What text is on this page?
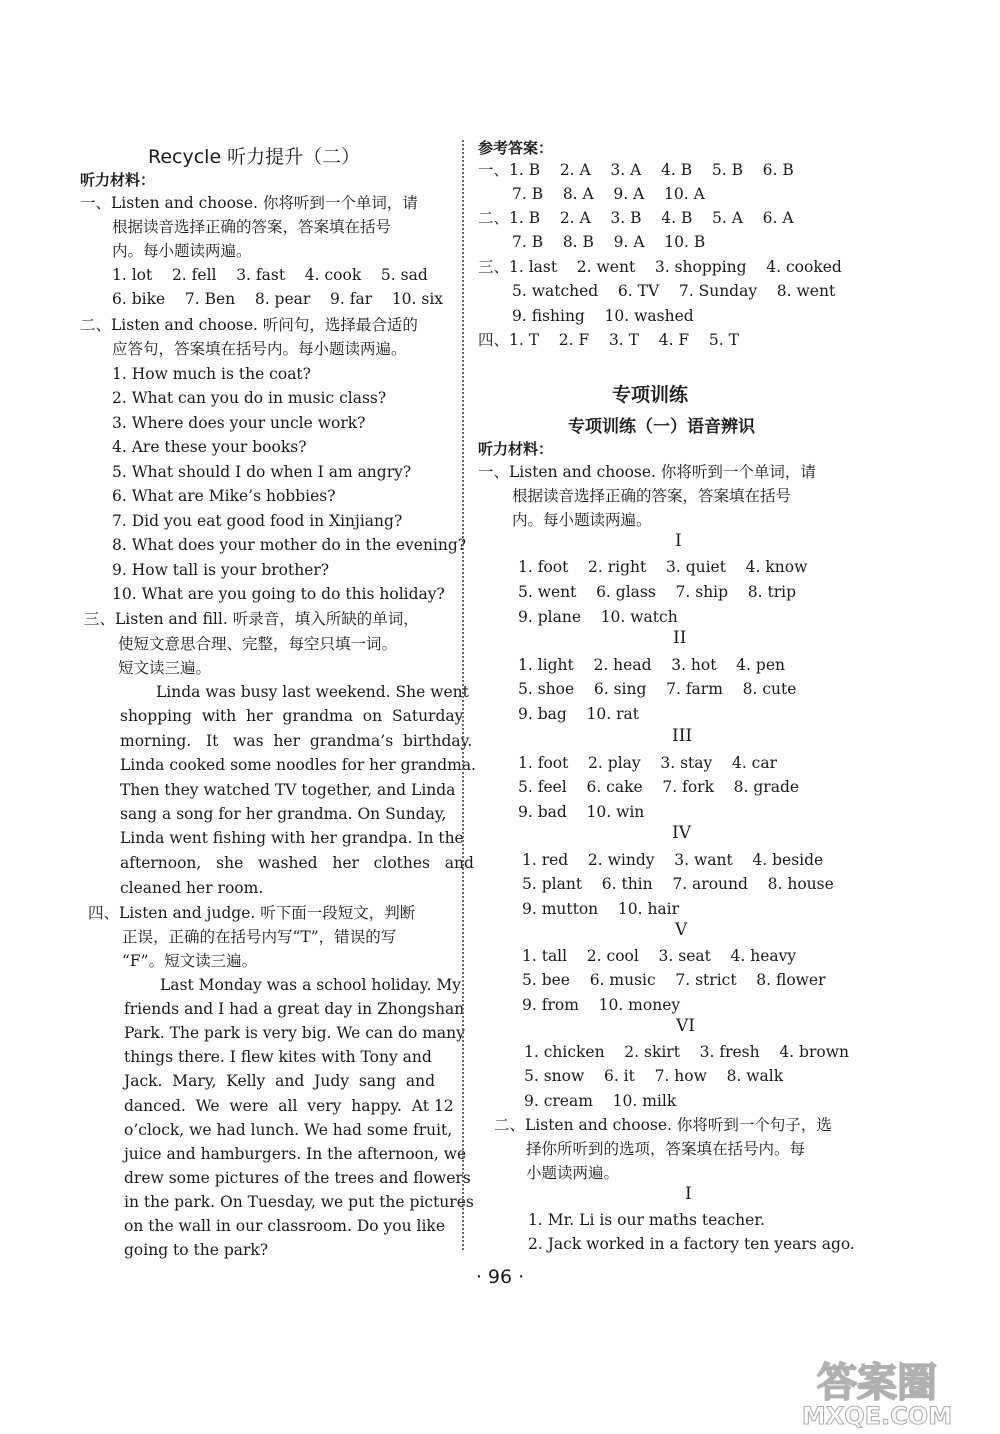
Recycle 听力提升（二）
听力材料：
一、Listen and choose. 你将听到一个单词，请
根据读音选择正确的答案，答案填在括号
内。每小题读两遍。
1. lot    2. fell    3. fast    4. cook    5. sad
6. bike    7. Ben    8. pear    9. far    10. six
二、Listen and choose. 听问句，选择最合适的
应答句，答案填在括号内。每小题读两遍。
1. How much is the coat?
2. What can you do in music class?
3. Where does your uncle work?
4. Are these your books?
5. What should I do when I am angry?
6. What are Mike’s hobbies?
7. Did you eat good food in Xinjiang?
8. What does your mother do in the evening?
9. How tall is your brother?
10. What are you going to do this holiday?
三、Listen and fill. 听录音，填入所缺的单词，
使短文意思合理、完整，每空只填一词。
短文读三遍。
Linda was busy last weekend. She went
shopping  with  her  grandma  on  Saturday
morning.   It   was  her  grandma’s  birthday.
Linda cooked some noodles for her grandma.
Then they watched TV together, and Linda
sang a song for her grandma. On Sunday,
Linda went fishing with her grandpa. In the
afternoon,   she   washed   her   clothes   and
cleaned her room.
四、Listen and judge. 听下面一段短文，判断
正误，正确的在括号内写“T”，错误的写
“F”。短文读三遍。
Last Monday was a school holiday. My
friends and I had a great day in Zhongshan
Park. The park is very big. We can do many
things there. I flew kites with Tony and
Jack.  Mary,  Kelly  and  Judy  sang  and
danced.  We  were  all  very  happy.  At 12
o’clock, we had lunch. We had some fruit,
juice and hamburgers. In the afternoon, we
drew some pictures of the trees and flowers
in the park. On Tuesday, we put the pictures
on the wall in our classroom. Do you like
going to the park?
参考答案：
一、1. B    2. A    3. A    4. B    5. B    6. B
7. B    8. A    9. A    10. A
二、1. B    2. A    3. B    4. B    5. A    6. A
7. B    8. B    9. A    10. B
三、1. last    2. went    3. shopping    4. cooked
5. watched    6. TV    7. Sunday    8. went
9. fishing    10. washed
四、1. T    2. F    3. T    4. F    5. T
专项训练
专项训练（一）语音辨识
听力材料：
一、Listen and choose. 你将听到一个单词，请
根据读音选择正确的答案，答案填在括号
内。每小题读两遍。
I
1. foot    2. right    3. quiet    4. know
5. went    6. glass    7. ship    8. trip
9. plane    10. watch
II
1. light    2. head    3. hot    4. pen
5. shoe    6. sing    7. farm    8. cute
9. bag    10. rat
III
1. foot    2. play    3. stay    4. car
5. feel    6. cake    7. fork    8. grade
9. bad    10. win
IV
1. red    2. windy    3. want    4. beside
5. plant    6. thin    7. around    8. house
9. mutton    10. hair
V
1. tall    2. cool    3. seat    4. heavy
5. bee    6. music    7. strict    8. flower
9. from    10. money
VI
1. chicken    2. skirt    3. fresh    4. brown
5. snow    6. it    7. how    8. walk
9. cream    10. milk
二、Listen and choose. 你将听到一个句子，选
择你所听到的选项，答案填在括号内。每
小题读两遍。
I
1. Mr. Li is our maths teacher.
2. Jack worked in a factory ten years ago.
· 96 ·
答案圈
MXQE.COM
